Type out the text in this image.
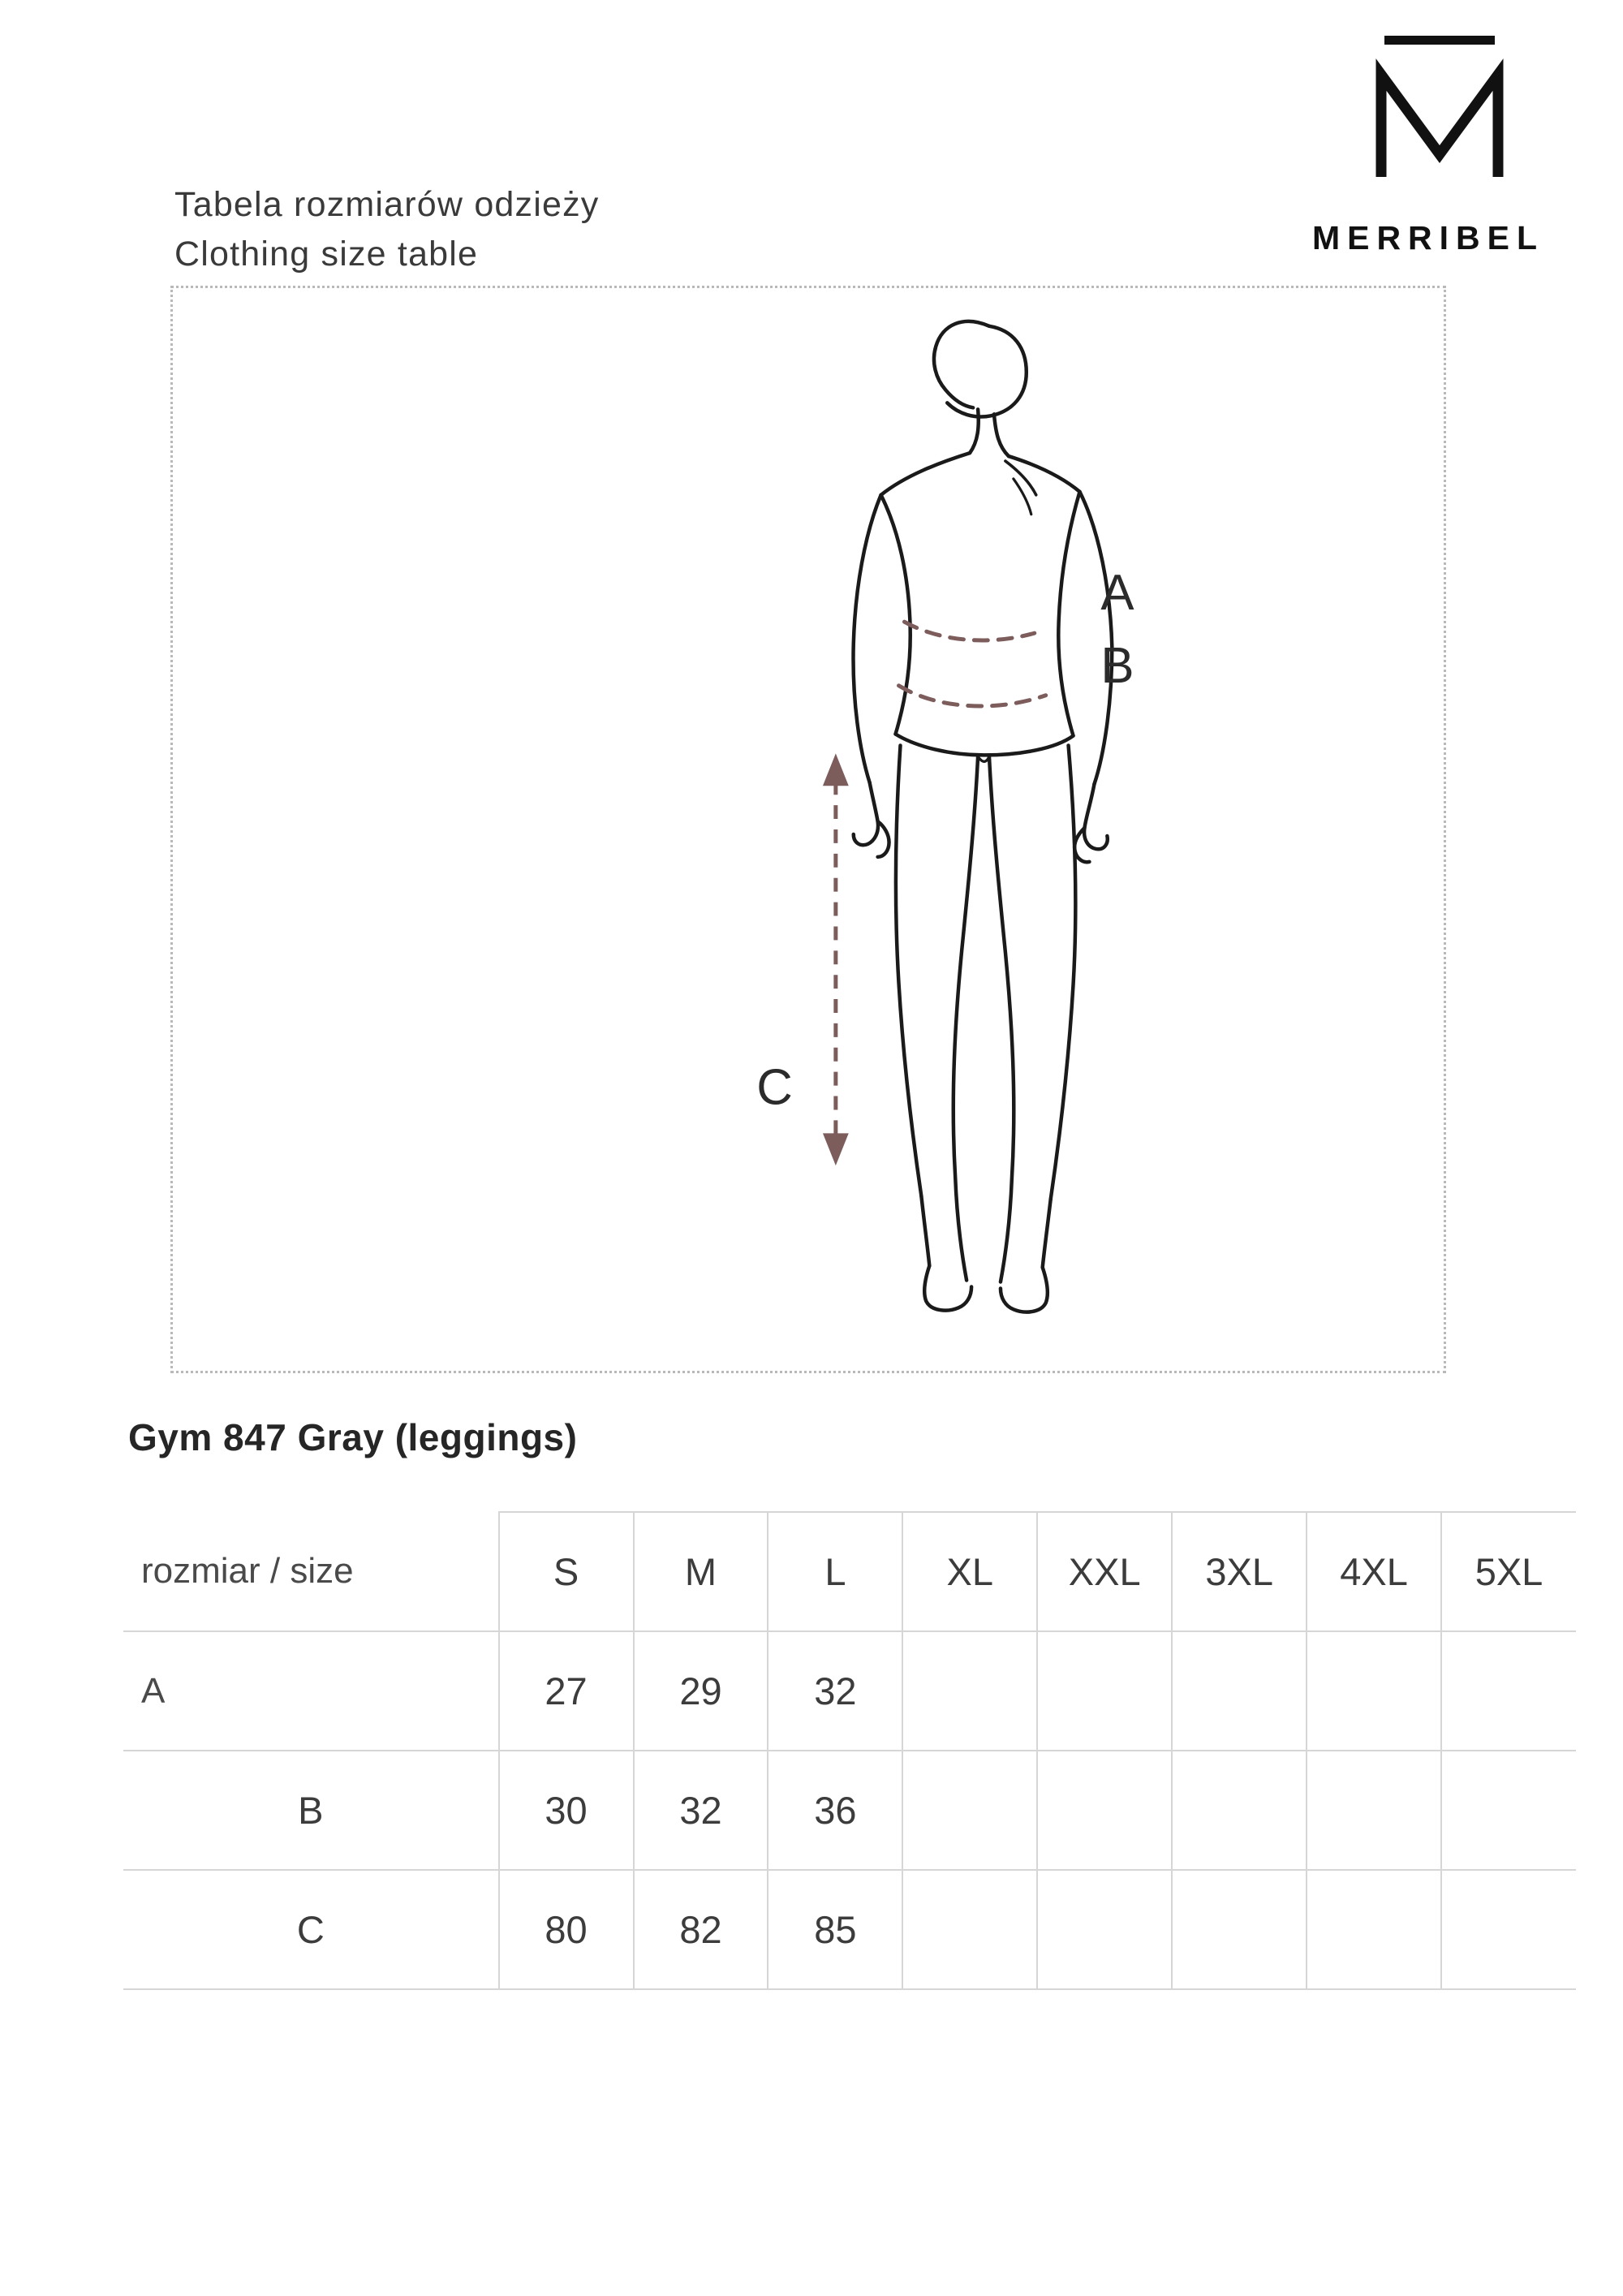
Tabela rozmiarów odzieży
Clothing size table	MERRIBEL
A
B
C
Gym 847 Gray (leggings)
rozmiar / size	S	M	L	XL	XXL	3XL	4XL	5XL
A	27	29	32					
B	30	32	36					
C	80	82	85					
